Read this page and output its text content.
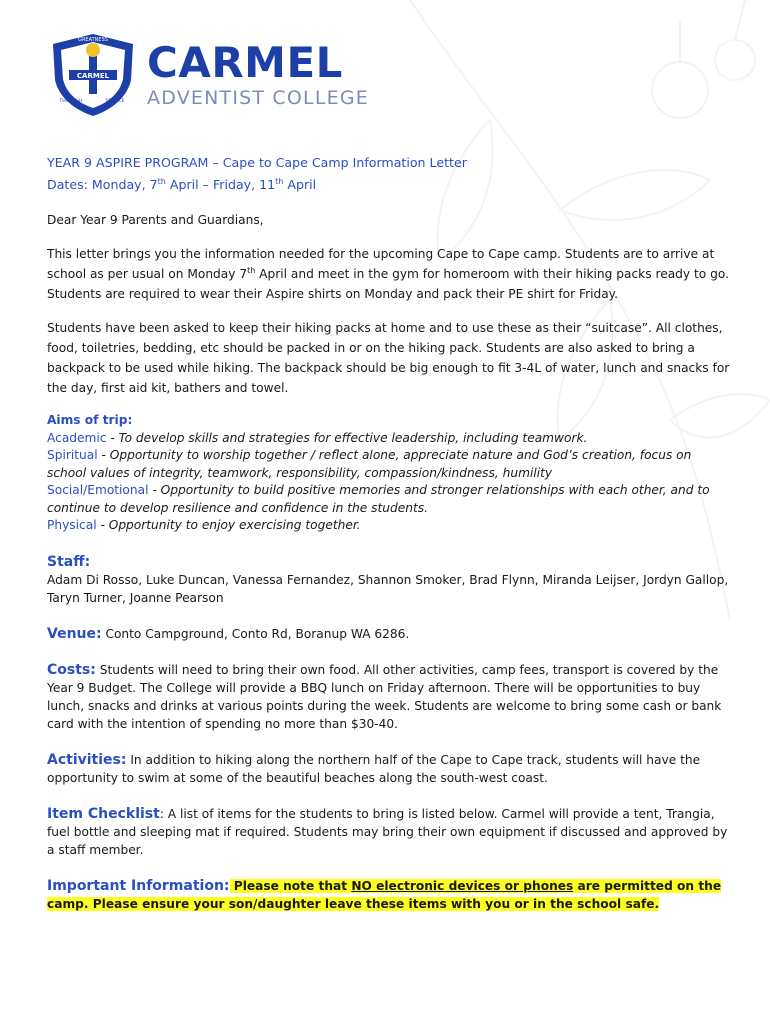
CARMEL
GREATNESS
THROUGH	SERVICE
CARMEL
ADVENTIST COLLEGE
YEAR 9 ASPIRE PROGRAM – Cape to Cape Camp Information Letter
Dates: Monday, 7th April – Friday, 11th April

Dear Year 9 Parents and Guardians,

This letter brings you the information needed for the upcoming Cape to Cape camp. Students are to arrive at school as per usual on Monday 7th April and meet in the gym for homeroom with their hiking packs ready to go. Students are required to wear their Aspire shirts on Monday and pack their PE shirt for Friday.

Students have been asked to keep their hiking packs at home and to use these as their “suitcase”. All clothes, food, toiletries, bedding, etc should be packed in or on the hiking pack. Students are also asked to bring a backpack to be used while hiking. The backpack should be big enough to fit 3-4L of water, lunch and snacks for the day, first aid kit, bathers and towel.

Aims of trip:

Academic - To develop skills and strategies for effective leadership, including teamwork.

Spiritual - Opportunity to worship together / reflect alone, appreciate nature and God’s creation, focus on school values of integrity, teamwork, responsibility, compassion/kindness, humility

Social/Emotional - Opportunity to build positive memories and stronger relationships with each other, and to continue to develop resilience and confidence in the students.

Physical - Opportunity to enjoy exercising together.

Staff:

Adam Di Rosso, Luke Duncan, Vanessa Fernandez, Shannon Smoker, Brad Flynn, Miranda Leijser, Jordyn Gallop, Taryn Turner, Joanne Pearson

Venue: Conto Campground, Conto Rd, Boranup WA 6286.

Costs: Students will need to bring their own food. All other activities, camp fees, transport is covered by the Year 9 Budget. The College will provide a BBQ lunch on Friday afternoon. There will be opportunities to buy lunch, snacks and drinks at various points during the week. Students are welcome to bring some cash or bank card with the intention of spending no more than $30-40.

Activities: In addition to hiking along the northern half of the Cape to Cape track, students will have the opportunity to swim at some of the beautiful beaches along the south-west coast.

Item Checklist: A list of items for the students to bring is listed below. Carmel will provide a tent, Trangia, fuel bottle and sleeping mat if required. Students may bring their own equipment if discussed and approved by a staff member.

Important Information: Please note that NO electronic devices or phones are permitted on the camp. Please ensure your son/daughter leave these items with you or in the school safe.
